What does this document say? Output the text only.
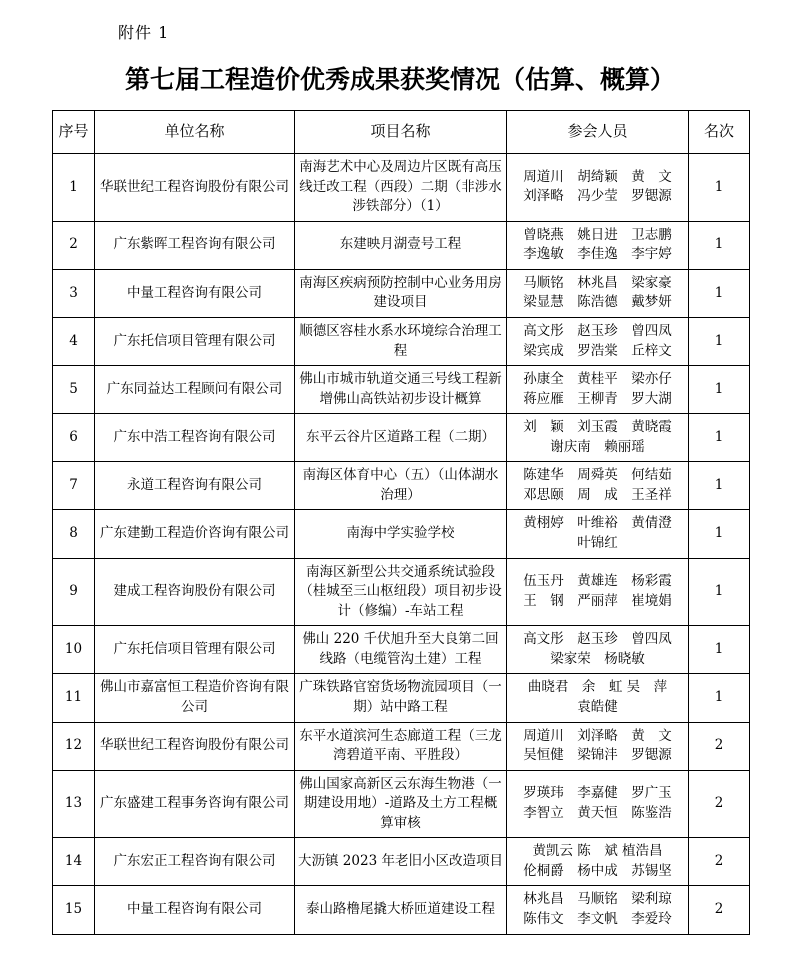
附件 1
第七届工程造价优秀成果获奖情况（估算、概算）
序号	单位名称	项目名称	参会人员	名次
1	华联世纪工程咨询股份有限公司	南海艺术中心及周边片区既有高压线迁改工程（西段）二期（非涉水涉铁部分）（1）	周道川　胡绮颖　黄　文
刘泽略　冯少莹　罗锶源	1
2	广东紫晖工程咨询有限公司	东建映月湖壹号工程	曾晓燕　姚日进　卫志鹏
李逸敏　李佳逸　李宇婷	1
3	中量工程咨询有限公司	南海区疾病预防控制中心业务用房建设项目	马顺铭　林兆昌　梁家豪
梁显慧　陈浩德　戴梦妍	1
4	广东托信项目管理有限公司	顺德区容桂水系水环境综合治理工程	高文彤　赵玉珍　曾四凤
梁宾成　罗浩棠　丘梓文	1
5	广东同益达工程顾问有限公司	佛山市城市轨道交通三号线工程新增佛山高铁站初步设计概算	孙康全　黄桂平　梁亦仔
蒋应雁　王柳青　罗大湖	1
6	广东中浩工程咨询有限公司	东平云谷片区道路工程（二期）	刘　颖　刘玉霞　黄晓霞
谢庆南　赖丽瑶	1
7	永道工程咨询有限公司	南海区体育中心（五）（山体湖水治理）	陈建华　周舜英　何结茹
邓思颐　周　成　王圣祥	1
8	广东建勤工程造价咨询有限公司	南海中学实验学校	黄栩婷　叶维裕　黄倩澄
叶锦红	1
9	建成工程咨询股份有限公司	南海区新型公共交通系统试验段（桂城至三山枢纽段）项目初步设计（修编）-车站工程	伍玉丹　黄雄连　杨彩霞
王　钢　严丽萍　崔境娟	1
10	广东托信项目管理有限公司	佛山 220 千伏旭升至大良第二回线路（电缆管沟土建）工程	高文彤　赵玉珍　曾四凤
梁家荣　杨晓敏	1
11	佛山市嘉富恒工程造价咨询有限公司	广珠铁路官窑货场物流园项目（一期）站中路工程	曲晓君　余　虹 吴　萍
袁皓健	1
12	华联世纪工程咨询股份有限公司	东平水道滨河生态廊道工程（三龙湾碧道平南、平胜段）	周道川　刘泽略　黄　文
吴恒健　梁锦沣　罗锶源	2
13	广东盛建工程事务咨询有限公司	佛山国家高新区云东海生物港（一期建设用地）-道路及土方工程概算审核	罗瑛玮　李嘉健　罗广玉
李智立　黄天恒　陈鉴浩	2
14	广东宏正工程咨询有限公司	大沥镇 2023 年老旧小区改造项目	黄凯云 陈　斌 植浩昌
伦桐爵　杨中成　苏锡坚	2
15	中量工程咨询有限公司	泰山路橹尾撬大桥匝道建设工程	林兆昌　马顺铭　梁利琼
陈伟文　李文帆　李爱玲	2
